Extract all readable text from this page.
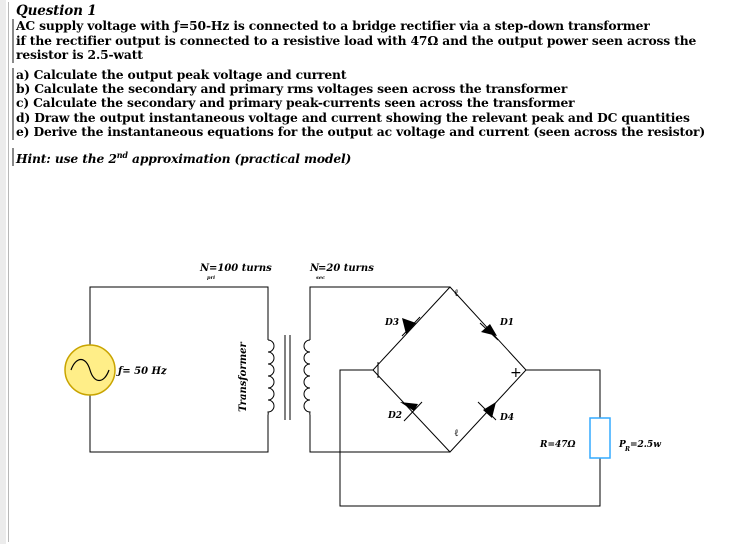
Question 1
AC supply voltage with ƒ=50-Hz is connected to a bridge rectifier via a step-down transformer
if the rectifier output is connected to a resistive load with 47Ω and the output power seen across the resistor is 2.5-watt
a) Calculate the output peak voltage and current
b) Calculate the secondary and primary rms voltages seen across the transformer
c) Calculate the secondary and primary peak-currents seen across the transformer
d) Draw the output instantaneous voltage and current showing the relevant peak and DC quantities
e) Derive the instantaneous equations for the output ac voltage and current (seen across the resistor)
Hint: use the 2nd approximation (practical model)
ƒ= 50 Hz	Transformer
N
pri
=100 turns	N
sec
=20 turns
D3	D1
D2	D4
ℓ
ℓ
+
R=47Ω	P R =2.5w
